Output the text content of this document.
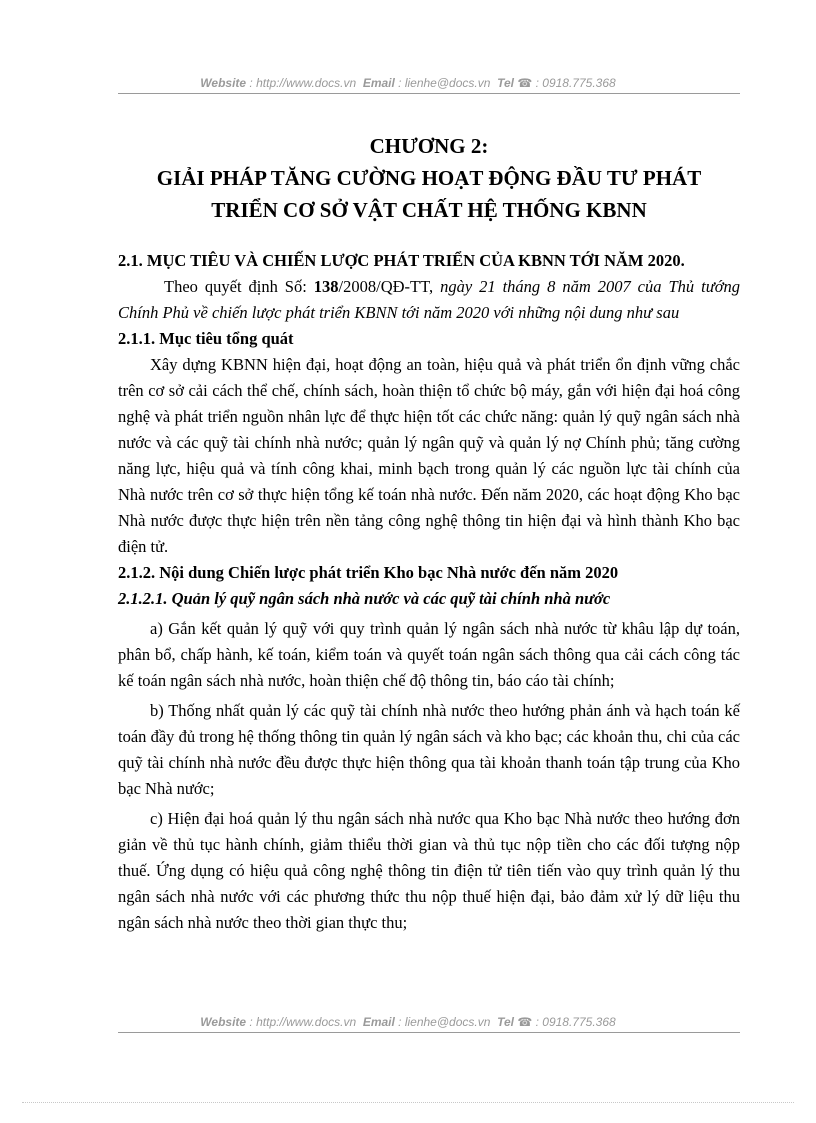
Website : http://www.docs.vn Email : lienhe@docs.vn Tel ☎ : 0918.775.368
CHƯƠNG 2:
GIẢI PHÁP TĂNG CƯỜNG HOẠT ĐỘNG ĐẦU TƯ PHÁT
TRIỂN CƠ SỞ VẬT CHẤT HỆ THỐNG KBNN
2.1. MỤC TIÊU VÀ CHIẾN LƯỢC PHÁT TRIỂN CỦA KBNN TỚI NĂM 2020.

Theo quyết định Số: 138/2008/QĐ-TT, ngày 21 tháng 8 năm 2007 của Thủ tướng Chính Phủ về chiến lược phát triển KBNN tới năm 2020 với những nội dung như sau

2.1.1. Mục tiêu tổng quát

Xây dựng KBNN hiện đại, hoạt động an toàn, hiệu quả và phát triển ổn định vững chắc trên cơ sở cải cách thể chế, chính sách, hoàn thiện tổ chức bộ máy, gắn với hiện đại hoá công nghệ và phát triển nguồn nhân lực để thực hiện tốt các chức năng: quản lý quỹ ngân sách nhà nước và các quỹ tài chính nhà nước; quản lý ngân quỹ và quản lý nợ Chính phủ; tăng cường năng lực, hiệu quả và tính công khai, minh bạch trong quản lý các nguồn lực tài chính của Nhà nước trên cơ sở thực hiện tổng kế toán nhà nước. Đến năm 2020, các hoạt động Kho bạc Nhà nước được thực hiện trên nền tảng công nghệ thông tin hiện đại và hình thành Kho bạc điện tử.

2.1.2. Nội dung Chiến lược phát triển Kho bạc Nhà nước đến năm 2020
2.1.2.1. Quản lý quỹ ngân sách nhà nước và các quỹ tài chính nhà nước

a) Gắn kết quản lý quỹ với quy trình quản lý ngân sách nhà nước từ khâu lập dự toán, phân bổ, chấp hành, kế toán, kiểm toán và quyết toán ngân sách thông qua cải cách công tác kế toán ngân sách nhà nước, hoàn thiện chế độ thông tin, báo cáo tài chính;

b) Thống nhất quản lý các quỹ tài chính nhà nước theo hướng phản ánh và hạch toán kế toán đầy đủ trong hệ thống thông tin quản lý ngân sách và kho bạc; các khoản thu, chi của các quỹ tài chính nhà nước đều được thực hiện thông qua tài khoản thanh toán tập trung của Kho bạc Nhà nước;

c) Hiện đại hoá quản lý thu ngân sách nhà nước qua Kho bạc Nhà nước theo hướng đơn giản về thủ tục hành chính, giảm thiểu thời gian và thủ tục nộp tiền cho các đối tượng nộp thuế. Ứng dụng có hiệu quả công nghệ thông tin điện tử tiên tiến vào quy trình quản lý thu ngân sách nhà nước với các phương thức thu nộp thuế hiện đại, bảo đảm xử lý dữ liệu thu ngân sách nhà nước theo thời gian thực thu;

Website : http://www.docs.vn Email : lienhe@docs.vn Tel ☎ : 0918.775.368
